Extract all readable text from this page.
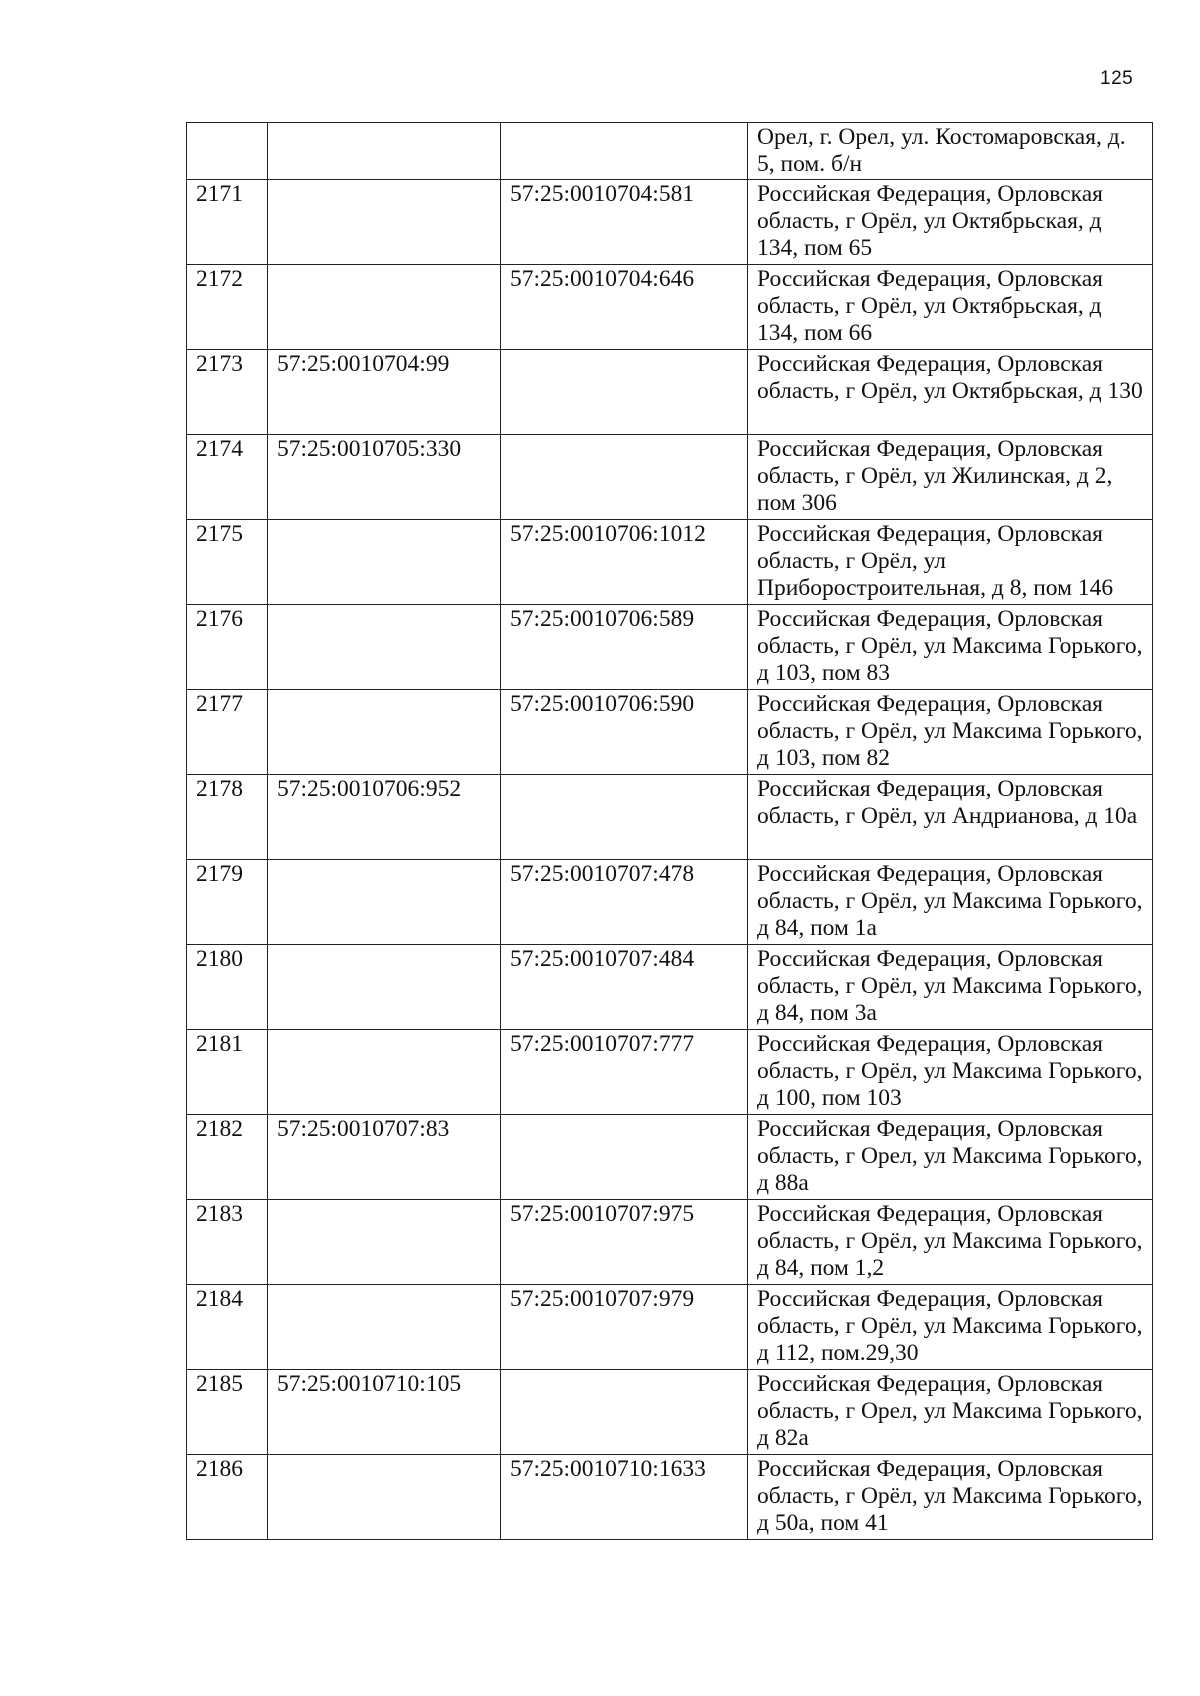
125
			Орел, г. Орел, ул. Костомаровская, д. 5, пом. б/н
2171		57:25:0010704:581	Российская Федерация, Орловская область, г Орёл, ул Октябрьская, д 134, пом 65
2172		57:25:0010704:646	Российская Федерация, Орловская область, г Орёл, ул Октябрьская, д 134, пом 66
2173	57:25:0010704:99		Российская Федерация, Орловская область, г Орёл, ул Октябрьская, д 130
2174	57:25:0010705:330		Российская Федерация, Орловская область, г Орёл, ул Жилинская, д 2, пом 306
2175		57:25:0010706:1012	Российская Федерация, Орловская область, г Орёл, ул Приборостроительная, д 8, пом 146
2176		57:25:0010706:589	Российская Федерация, Орловская область, г Орёл, ул Максима Горького, д 103, пом 83
2177		57:25:0010706:590	Российская Федерация, Орловская область, г Орёл, ул Максима Горького, д 103, пом 82
2178	57:25:0010706:952		Российская Федерация, Орловская область, г Орёл, ул Андрианова, д 10а
2179		57:25:0010707:478	Российская Федерация, Орловская область, г Орёл, ул Максима Горького, д 84, пом 1а
2180		57:25:0010707:484	Российская Федерация, Орловская область, г Орёл, ул Максима Горького, д 84, пом 3а
2181		57:25:0010707:777	Российская Федерация, Орловская область, г Орёл, ул Максима Горького, д 100, пом 103
2182	57:25:0010707:83		Российская Федерация, Орловская область, г Орел, ул Максима Горького, д 88а
2183		57:25:0010707:975	Российская Федерация, Орловская область, г Орёл, ул Максима Горького, д 84, пом 1,2
2184		57:25:0010707:979	Российская Федерация, Орловская область, г Орёл, ул Максима Горького, д 112, пом.29,30
2185	57:25:0010710:105		Российская Федерация, Орловская область, г Орел, ул Максима Горького, д 82а
2186		57:25:0010710:1633	Российская Федерация, Орловская область, г Орёл, ул Максима Горького, д 50а, пом 41
